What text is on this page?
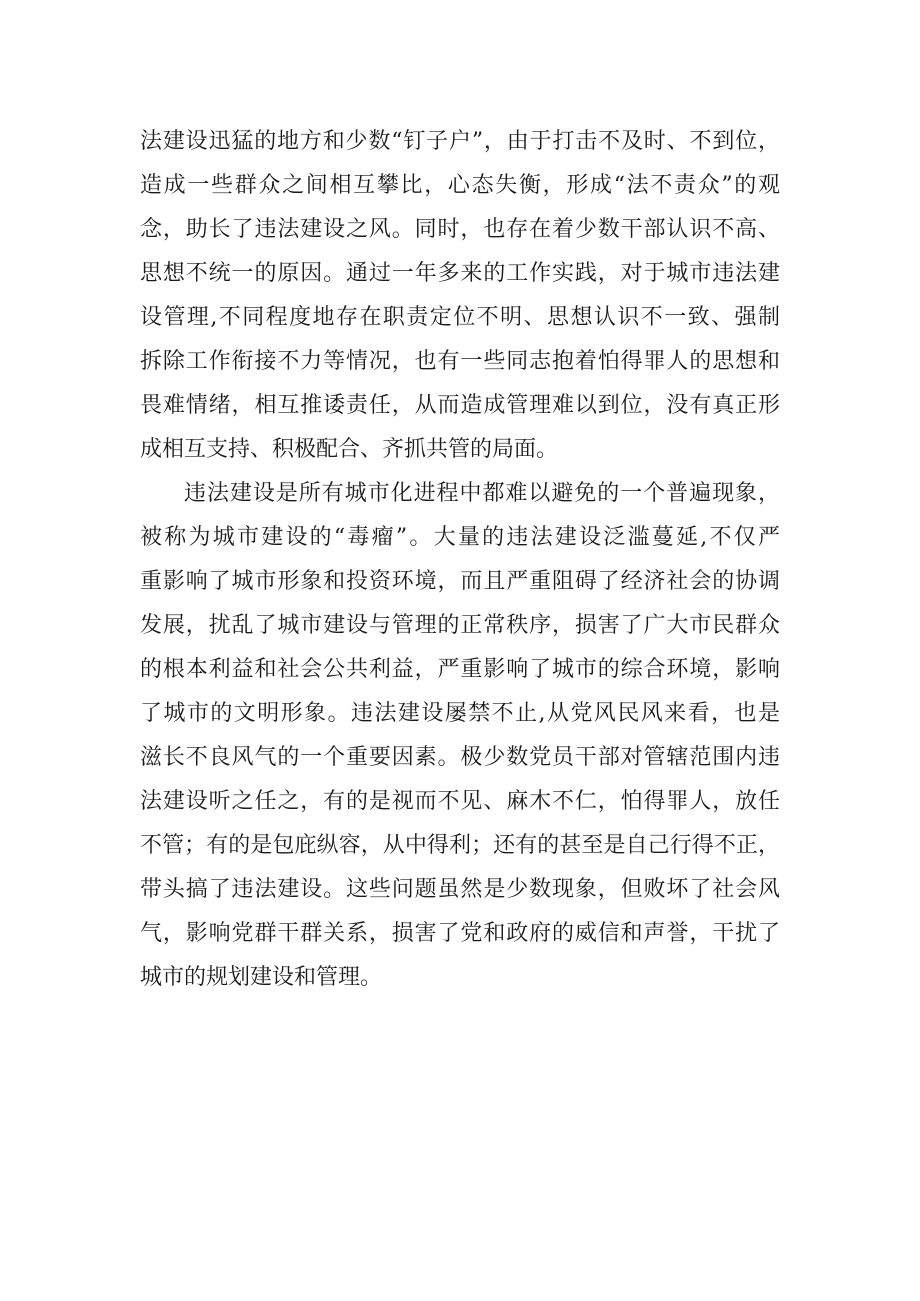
法建设迅猛的地方和少数“钉子户”，由于打击不及时、不到位，
造成一些群众之间相互攀比，心态失衡，形成“法不责众”的观
念，助长了违法建设之风。同时，也存在着少数干部认识不高、
思想不统一的原因。通过一年多来的工作实践，对于城市违法建
设管理,不同程度地存在职责定位不明、思想认识不一致、强制
拆除工作衔接不力等情况，也有一些同志抱着怕得罪人的思想和
畏难情绪，相互推诿责任，从而造成管理难以到位，没有真正形
成相互支持、积极配合、齐抓共管的局面。
违法建设是所有城市化进程中都难以避免的一个普遍现象，
被称为城市建设的“毒瘤”。大量的违法建设泛滥蔓延,不仅严
重影响了城市形象和投资环境，而且严重阻碍了经济社会的协调
发展，扰乱了城市建设与管理的正常秩序，损害了广大市民群众
的根本利益和社会公共利益，严重影响了城市的综合环境，影响
了城市的文明形象。违法建设屡禁不止,从党风民风来看，也是
滋长不良风气的一个重要因素。极少数党员干部对管辖范围内违
法建设听之任之，有的是视而不见、麻木不仁，怕得罪人，放任
不管；有的是包庇纵容，从中得利；还有的甚至是自己行得不正，
带头搞了违法建设。这些问题虽然是少数现象，但败坏了社会风
气，影响党群干群关系，损害了党和政府的威信和声誉，干扰了
城市的规划建设和管理。
